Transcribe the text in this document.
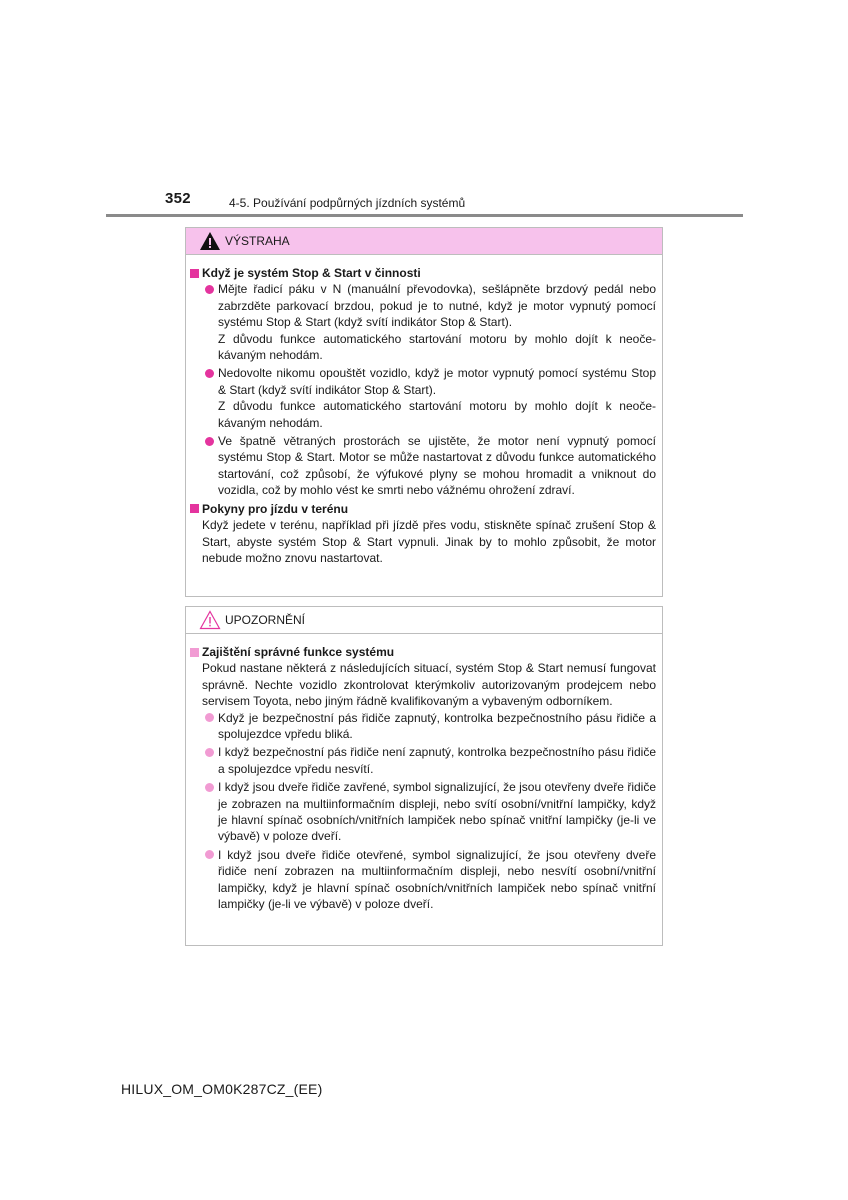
352	4-5. Používání podpůrných jízdních systémů
VÝSTRAHA
Když je systém Stop & Start v činnosti
Mějte řadicí páku v N (manuální převodovka), sešlápněte brzdový pedál nebo zabrzděte parkovací brzdou, pokud je to nutné, když je motor vypnutý pomocí systému Stop & Start (když svítí indikátor Stop & Start).
Z důvodu funkce automatického startování motoru by mohlo dojít k neočekávaným nehodám.
Nedovolte nikomu opouštět vozidlo, když je motor vypnutý pomocí systému Stop & Start (když svítí indikátor Stop & Start).
Z důvodu funkce automatického startování motoru by mohlo dojít k neočekávaným nehodám.
Ve špatně větraných prostorách se ujistěte, že motor není vypnutý pomocí systému Stop & Start. Motor se může nastartovat z důvodu funkce automatického startování, což způsobí, že výfukové plyny se mohou hromadit a vniknout do vozidla, což by mohlo vést ke smrti nebo vážnému ohrožení zdraví.
Pokyny pro jízdu v terénu
Když jedete v terénu, například při jízdě přes vodu, stiskněte spínač zrušení Stop & Start, abyste systém Stop & Start vypnuli. Jinak by to mohlo způsobit, že motor nebude možno znovu nastartovat.
UPOZORNĚNÍ
Zajištění správné funkce systému
Pokud nastane některá z následujících situací, systém Stop & Start nemusí fungovat správně. Nechte vozidlo zkontrolovat kterýmkoliv autorizovaným prodejcem nebo servisem Toyota, nebo jiným řádně kvalifikovaným a vybaveným odborníkem.
Když je bezpečnostní pás řidiče zapnutý, kontrolka bezpečnostního pásu řidiče a spolujezdce vpředu bliká.
I když bezpečnostní pás řidiče není zapnutý, kontrolka bezpečnostního pásu řidiče a spolujezdce vpředu nesvítí.
I když jsou dveře řidiče zavřené, symbol signalizující, že jsou otevřeny dveře řidiče je zobrazen na multiinformačním displeji, nebo svítí osobní/vnitřní lampičky, když je hlavní spínač osobních/vnitřních lampiček nebo spínač vnitřní lampičky (je-li ve výbavě) v poloze dveří.
I když jsou dveře řidiče otevřené, symbol signalizující, že jsou otevřeny dveře řidiče není zobrazen na multiinformačním displeji, nebo nesvítí osobní/vnitřní lampičky, když je hlavní spínač osobních/vnitřních lampiček nebo spínač vnitřní lampičky (je-li ve výbavě) v poloze dveří.
HILUX_OM_OM0K287CZ_(EE)
